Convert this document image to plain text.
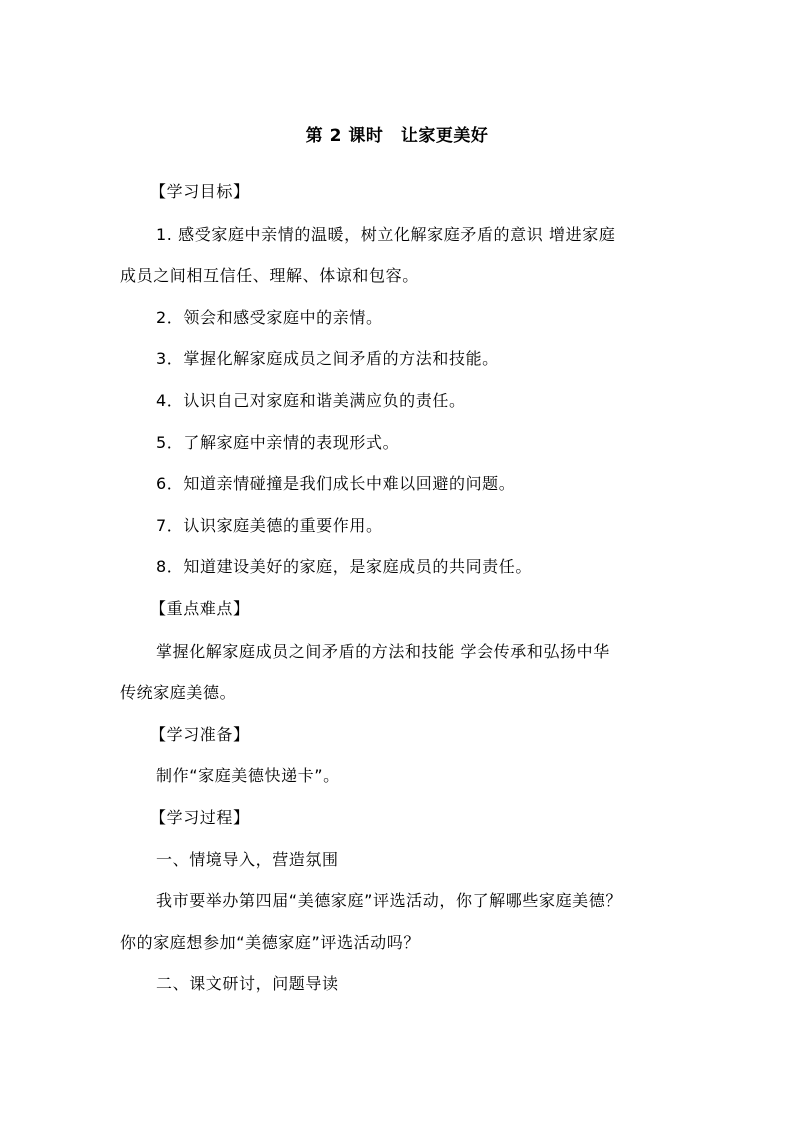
第 2 课时　让家更美好
【学习目标】
1. 感受家庭中亲情的温暖，树立化解家庭矛盾的意识 增进家庭
成员之间相互信任、理解、体谅和包容。
2．领会和感受家庭中的亲情。
3．掌握化解家庭成员之间矛盾的方法和技能。
4．认识自己对家庭和谐美满应负的责任。
5．了解家庭中亲情的表现形式。
6．知道亲情碰撞是我们成长中难以回避的问题。
7．认识家庭美德的重要作用。
8．知道建设美好的家庭，是家庭成员的共同责任。
【重点难点】
掌握化解家庭成员之间矛盾的方法和技能 学会传承和弘扬中华
传统家庭美德。
【学习准备】
制作“家庭美德快递卡”。
【学习过程】
一、情境导入，营造氛围
我市要举办第四届“美德家庭”评选活动，你了解哪些家庭美德？
你的家庭想参加“美德家庭”评选活动吗？
二、课文研讨，问题导读
